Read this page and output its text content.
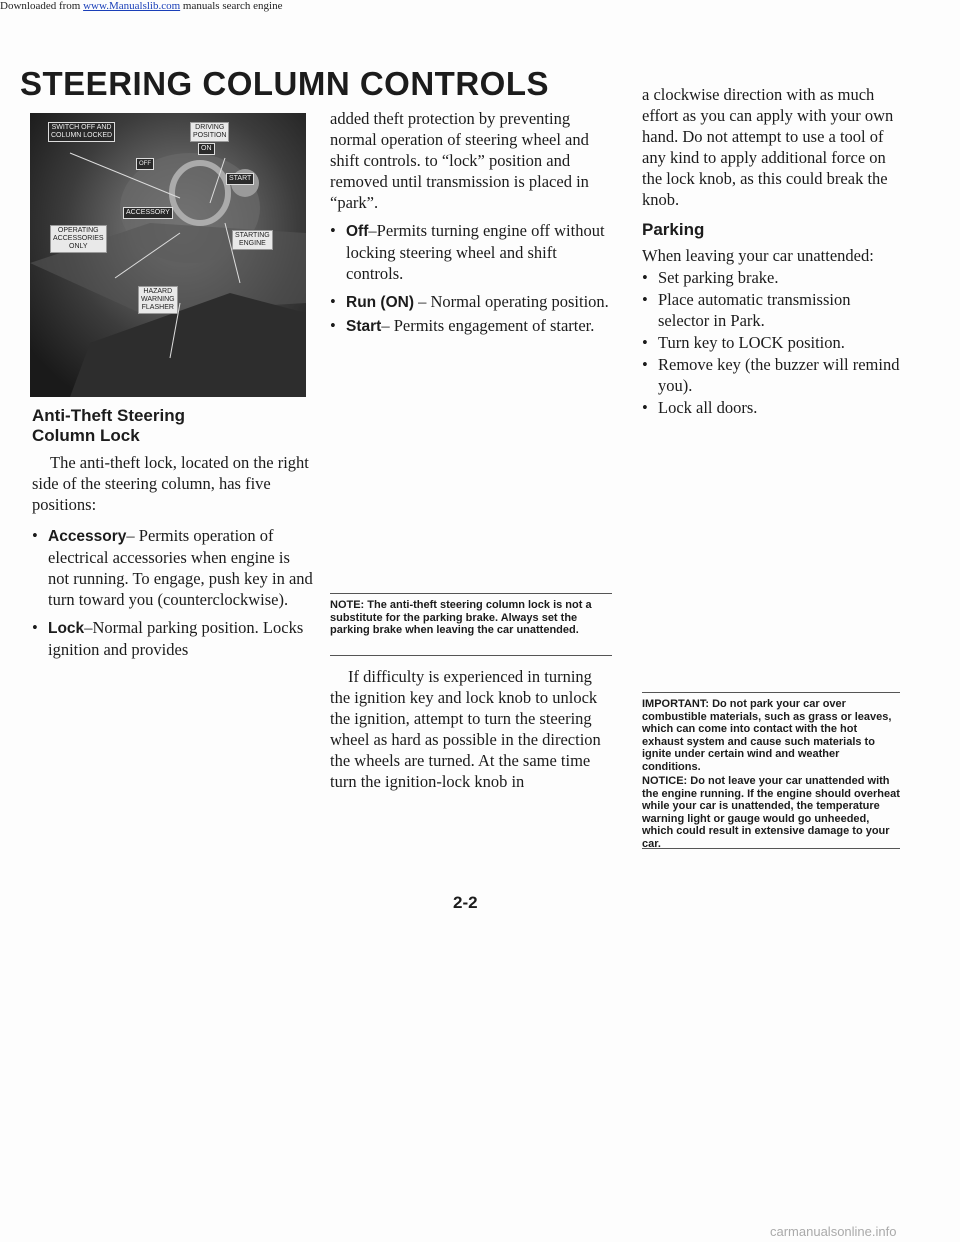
Downloaded from www.Manualslib.com manuals search engine
STEERING COLUMN CONTROLS
SWITCH OFF AND
COLUMN LOCKED
DRIVING
POSITION
ON
OFF
START
ACCESSORY
OPERATING
ACCESSORIES
ONLY
STARTING
ENGINE
HAZARD
WARNING
FLASHER
Anti-Theft Steering
Column Lock

The anti-theft lock, located on the right side of the steering column, has five positions:

• Accessory– Permits operation of electrical accessories when engine is not running. To engage, push key in and turn toward you (counterclockwise).

• Lock–Normal parking position. Locks ignition and provides

added theft protection by preventing normal operation of steering wheel and shift controls. to “lock” position and removed until transmission is placed in “park”.

• Off–Permits turning engine off without locking steering wheel and shift controls.

• Run (ON) – Normal operating position.

• Start– Permits engagement of starter.

NOTE: The anti-theft steering column lock is not a substitute for the parking brake. Always set the parking brake when leaving the car unattended.

If difficulty is experienced in turning the ignition key and lock knob to unlock the ignition, attempt to turn the steering wheel as hard as possible in the direction the wheels are turned. At the same time turn the ignition-lock knob in

2-2

a clockwise direction with as much effort as you can apply with your own hand. Do not attempt to use a tool of any kind to apply additional force on the lock knob, as this could break the knob.

Parking

When leaving your car unattended:

• Set parking brake.

• Place automatic transmission selector in Park.

• Turn key to LOCK position.

• Remove key (the buzzer will remind you).

• Lock all doors.

IMPORTANT: Do not park your car over combustible materials, such as grass or leaves, which can come into contact with the hot exhaust system and cause such materials to ignite under certain wind and weather conditions.

NOTICE: Do not leave your car unattended with the engine running. If the engine should overheat while your car is unattended, the temperature warning light or gauge would go unheeded, which could result in extensive damage to your car.

carmanualsonline.info
